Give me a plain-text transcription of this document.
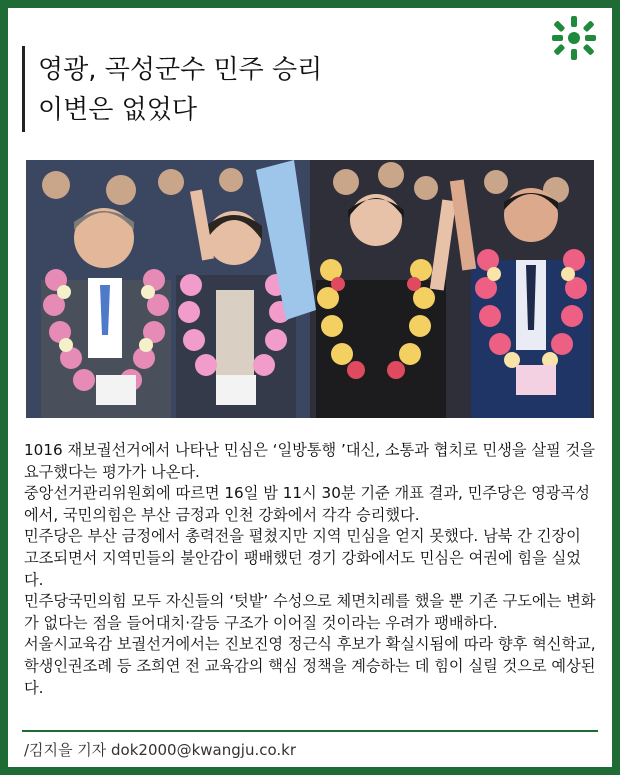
영광, 곡성군수 민주 승리
이변은 없었다

1016 재보궐선거에서 나타난 민심은 ‘일방통행 ’대신, 소통과 협치로 민생을 살필 것을 요구했다는 평가가 나온다.

중앙선거관리위원회에 따르면 16일 밤 11시 30분 기준 개표 결과, 민주당은 영광곡성에서, 국민의힘은 부산 금정과 인천 강화에서 각각 승리했다.

민주당은 부산 금정에서 총력전을 펼쳤지만 지역 민심을 얻지 못했다. 남북 간 긴장이 고조되면서 지역민들의 불안감이 팽배했던 경기 강화에서도 민심은 여권에 힘을 실었다.

민주당국민의힘 모두 자신들의 ‘텃밭’ 수성으로 체면치레를 했을 뿐 기존 구도에는 변화가 없다는 점을 들어대치·갈등 구조가 이어질 것이라는 우려가 팽배하다.

서울시교육감 보궐선거에서는 진보진영 정근식 후보가 확실시됨에 따라 향후 혁신학교, 학생인권조례 등 조희연 전 교육감의 핵심 정책을 계승하는 데 힘이 실릴 것으로 예상된다.

/김지을 기자 dok2000@kwangju.co.kr
